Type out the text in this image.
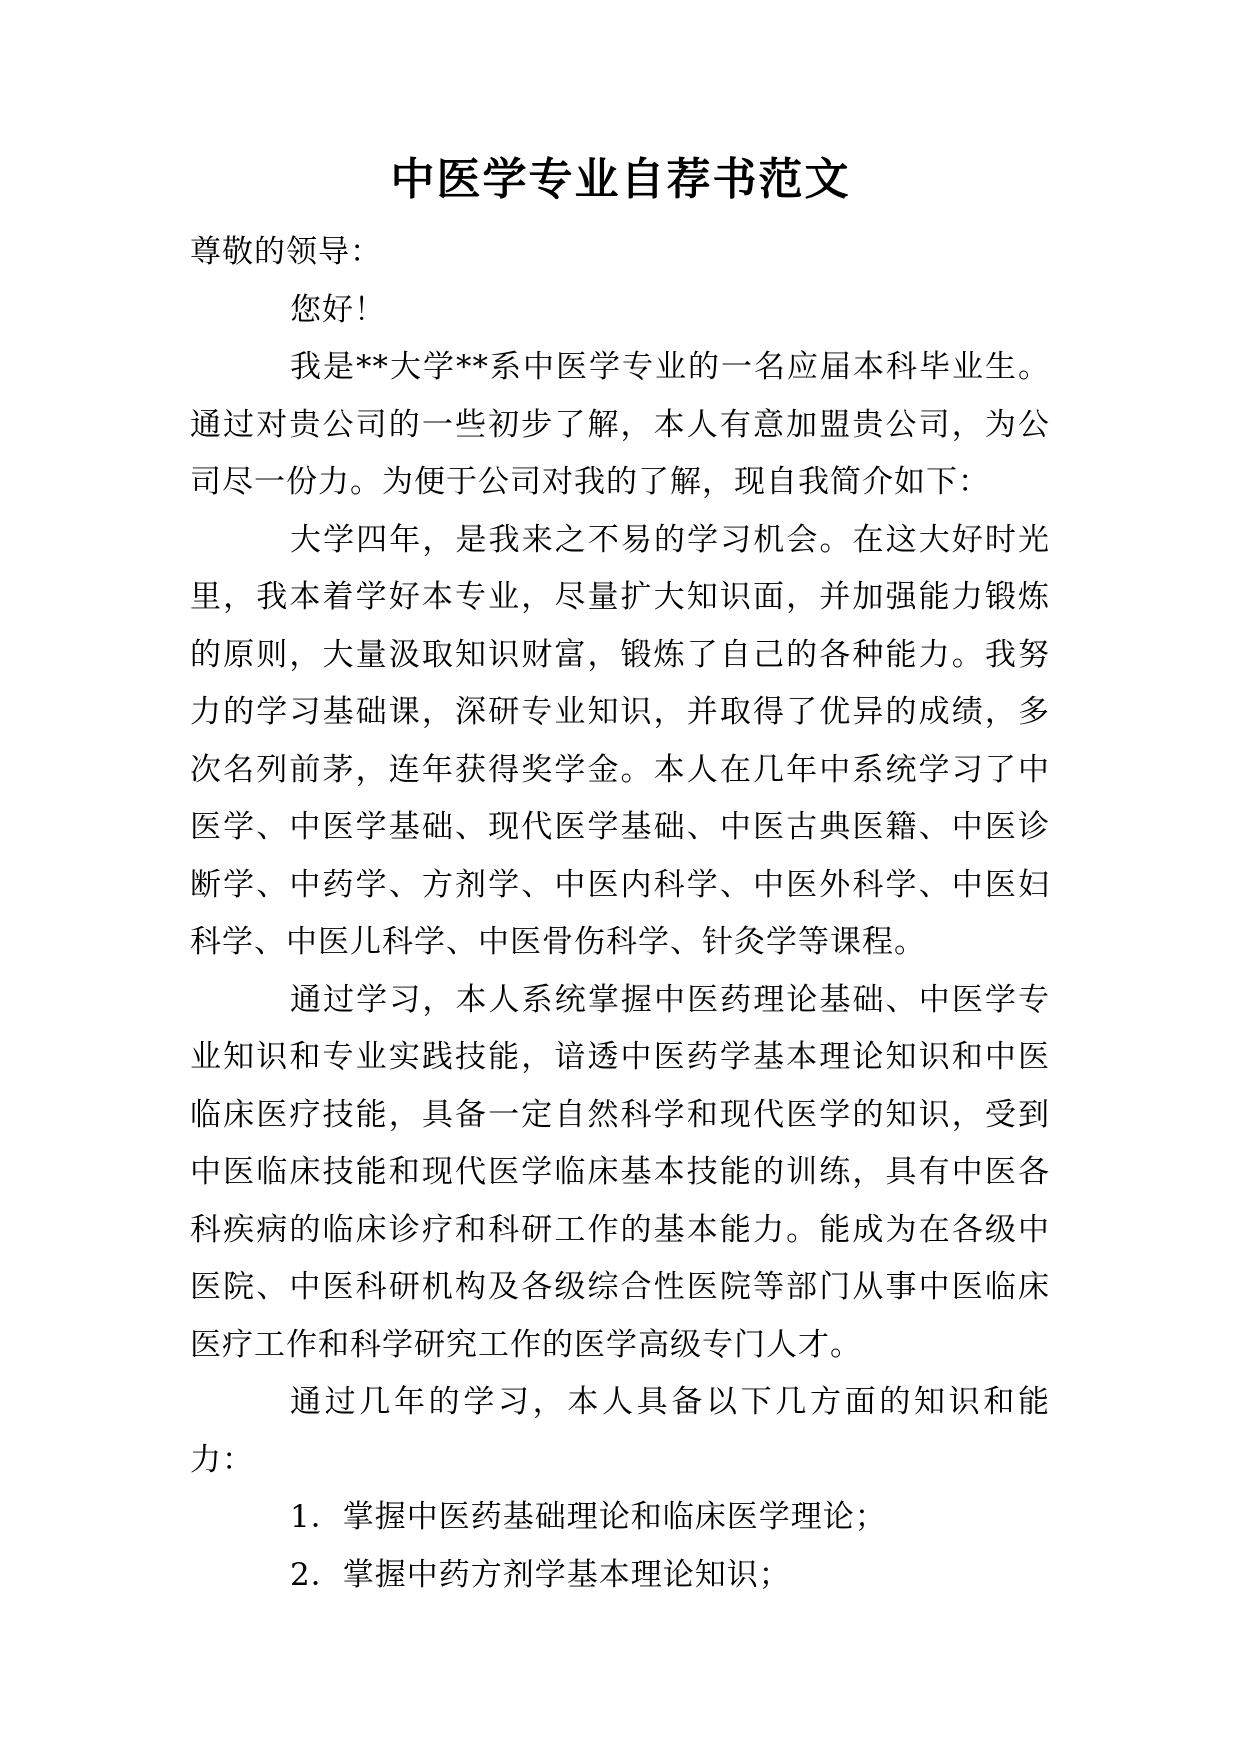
中医学专业自荐书范文

尊敬的领导：

您好！

我是**大学**系中医学专业的一名应届本科毕业生。通过对贵公司的一些初步了解，本人有意加盟贵公司，为公司尽一份力。为便于公司对我的了解，现自我简介如下：

大学四年，是我来之不易的学习机会。在这大好时光里，我本着学好本专业，尽量扩大知识面，并加强能力锻炼的原则，大量汲取知识财富，锻炼了自己的各种能力。我努力的学习基础课，深研专业知识，并取得了优异的成绩，多次名列前茅，连年获得奖学金。本人在几年中系统学习了中医学、中医学基础、现代医学基础、中医古典医籍、中医诊断学、中药学、方剂学、中医内科学、中医外科学、中医妇科学、中医儿科学、中医骨伤科学、针灸学等课程。

通过学习，本人系统掌握中医药理论基础、中医学专业知识和专业实践技能，谙透中医药学基本理论知识和中医临床医疗技能，具备一定自然科学和现代医学的知识，受到中医临床技能和现代医学临床基本技能的训练，具有中医各科疾病的临床诊疗和科研工作的基本能力。能成为在各级中医院、中医科研机构及各级综合性医院等部门从事中医临床医疗工作和科学研究工作的医学高级专门人才。

通过几年的学习，本人具备以下几方面的知识和能力：

1．掌握中医药基础理论和临床医学理论；

2．掌握中药方剂学基本理论知识；
